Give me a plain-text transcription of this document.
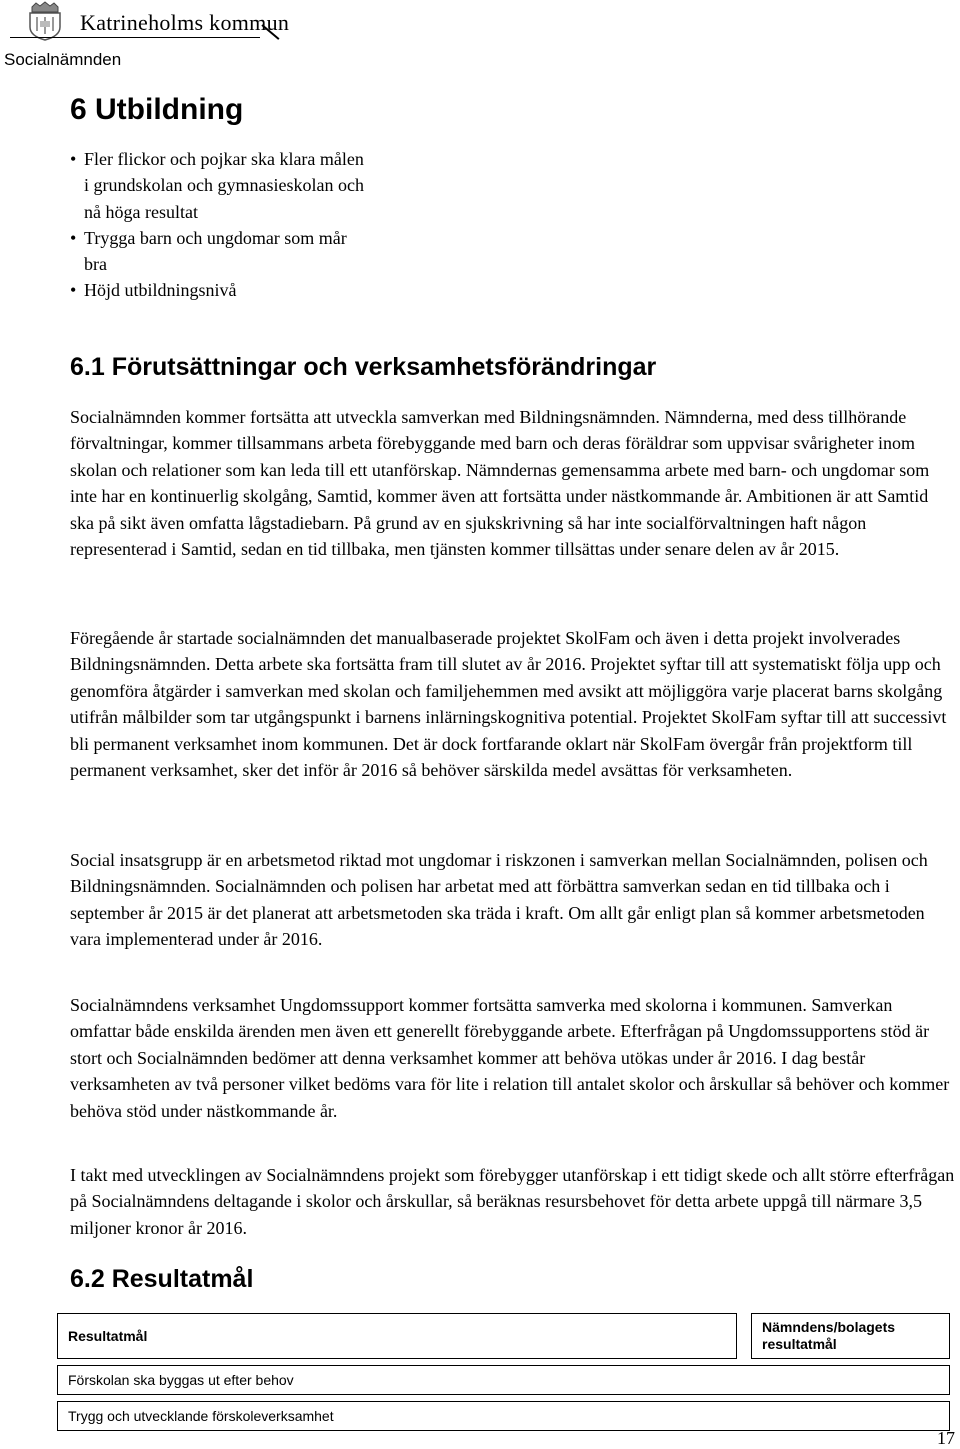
Katrineholms kommun
Socialnämnden
6 Utbildning
• Fler flickor och pojkar ska klara målen i grundskolan och gymnasieskolan och nå höga resultat
• Trygga barn och ungdomar som mår bra
• Höjd utbildningsnivå
6.1 Förutsättningar och verksamhetsförändringar

Socialnämnden kommer fortsätta att utveckla samverkan med Bildningsnämnden. Nämnderna, med dess tillhörande förvaltningar, kommer tillsammans arbeta förebyggande med barn och deras föräldrar som uppvisar svårigheter inom skolan och relationer som kan leda till ett utanförskap. Nämndernas gemensamma arbete med barn- och ungdomar som inte har en kontinuerlig skolgång, Samtid, kommer även att fortsätta under nästkommande år. Ambitionen är att Samtid ska på sikt även omfatta lågstadiebarn. På grund av en sjukskrivning så har inte socialförvaltningen haft någon representerad i Samtid, sedan en tid tillbaka, men tjänsten kommer tillsättas under senare delen av år 2015.

Föregående år startade socialnämnden det manualbaserade projektet SkolFam och även i detta projekt involverades Bildningsnämnden. Detta arbete ska fortsätta fram till slutet av år 2016. Projektet syftar till att systematiskt följa upp och genomföra åtgärder i samverkan med skolan och familjehemmen med avsikt att möjliggöra varje placerat barns skolgång utifrån målbilder som tar utgångspunkt i barnens inlärningskognitiva potential. Projektet SkolFam syftar till att successivt bli permanent verksamhet inom kommunen. Det är dock fortfarande oklart när SkolFam övergår från projektform till permanent verksamhet, sker det inför år 2016 så behöver särskilda medel avsättas för verksamheten.

Social insatsgrupp är en arbetsmetod riktad mot ungdomar i riskzonen i samverkan mellan Socialnämnden, polisen och Bildningsnämnden. Socialnämnden och polisen har arbetat med att förbättra samverkan sedan en tid tillbaka och i september år 2015 är det planerat att arbetsmetoden ska träda i kraft. Om allt går enligt plan så kommer arbetsmetoden vara implementerad under år 2016.

Socialnämndens verksamhet Ungdomssupport kommer fortsätta samverka med skolorna i kommunen. Samverkan omfattar både enskilda ärenden men även ett generellt förebyggande arbete. Efterfrågan på Ungdomssupportens stöd är stort och Socialnämnden bedömer att denna verksamhet kommer att behöva utökas under år 2016. I dag består verksamheten av två personer vilket bedöms vara för lite i relation till antalet skolor och årskullar så behöver och kommer behöva stöd under nästkommande år.

I takt med utvecklingen av Socialnämndens projekt som förebygger utanförskap i ett tidigt skede och allt större efterfrågan på Socialnämndens deltagande i skolor och årskullar, så beräknas resursbehovet för detta arbete uppgå till närmare 3,5 miljoner kronor år 2016.

6.2 Resultatmål
Resultatmål		Nämndens/bolagets resultatmål

Förskolan ska byggas ut efter behov

Trygg och utvecklande förskoleverksamhet
17
